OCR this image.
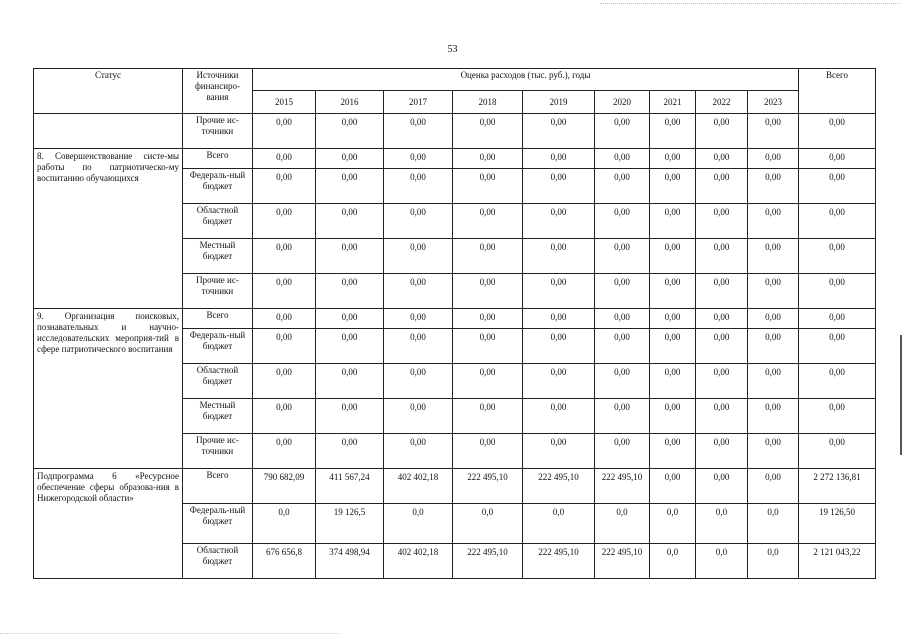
53
Статус	Источники финансиро-вания	Оценка расходов (тыс. руб.), годы									Всего
		2015	2016	2017	2018	2019	2020	2021	2022	2023	
	Прочие ис-точники	0,00	0,00	0,00	0,00	0,00	0,00	0,00	0,00	0,00	0,00
8. Совершенствование систе-мы работы по патриотическо-му воспитанию обучающихся	Всего	0,00	0,00	0,00	0,00	0,00	0,00	0,00	0,00	0,00	0,00
	Федераль-ный бюджет	0,00	0,00	0,00	0,00	0,00	0,00	0,00	0,00	0,00	0,00
	Областной бюджет	0,00	0,00	0,00	0,00	0,00	0,00	0,00	0,00	0,00	0,00
	Местный бюджет	0,00	0,00	0,00	0,00	0,00	0,00	0,00	0,00	0,00	0,00
	Прочие ис-точники	0,00	0,00	0,00	0,00	0,00	0,00	0,00	0,00	0,00	0,00
9. Организация поисковых, познавательных и научно-исследовательских мероприя-тий в сфере патриотического воспитания	Всего	0,00	0,00	0,00	0,00	0,00	0,00	0,00	0,00	0,00	0,00
	Федераль-ный бюджет	0,00	0,00	0,00	0,00	0,00	0,00	0,00	0,00	0,00	0,00
	Областной бюджет	0,00	0,00	0,00	0,00	0,00	0,00	0,00	0,00	0,00	0,00
	Местный бюджет	0,00	0,00	0,00	0,00	0,00	0,00	0,00	0,00	0,00	0,00
	Прочие ис-точники	0,00	0,00	0,00	0,00	0,00	0,00	0,00	0,00	0,00	0,00
Подпрограмма 6 «Ресурсное обеспечение сферы образова-ния в Нижегородской области»	Всего	790 682,09	411 567,24	402 402,18	222 495,10	222 495,10	222 495,10	0,00	0,00	0,00	2 272 136,81
	Федераль-ный бюджет	0,0	19 126,5	0,0	0,0	0,0	0,0	0,0	0,0	0,0	19 126,50
	Областной бюджет	676 656,8	374 498,94	402 402,18	222 495,10	222 495,10	222 495,10	0,0	0,0	0,0	2 121 043,22
